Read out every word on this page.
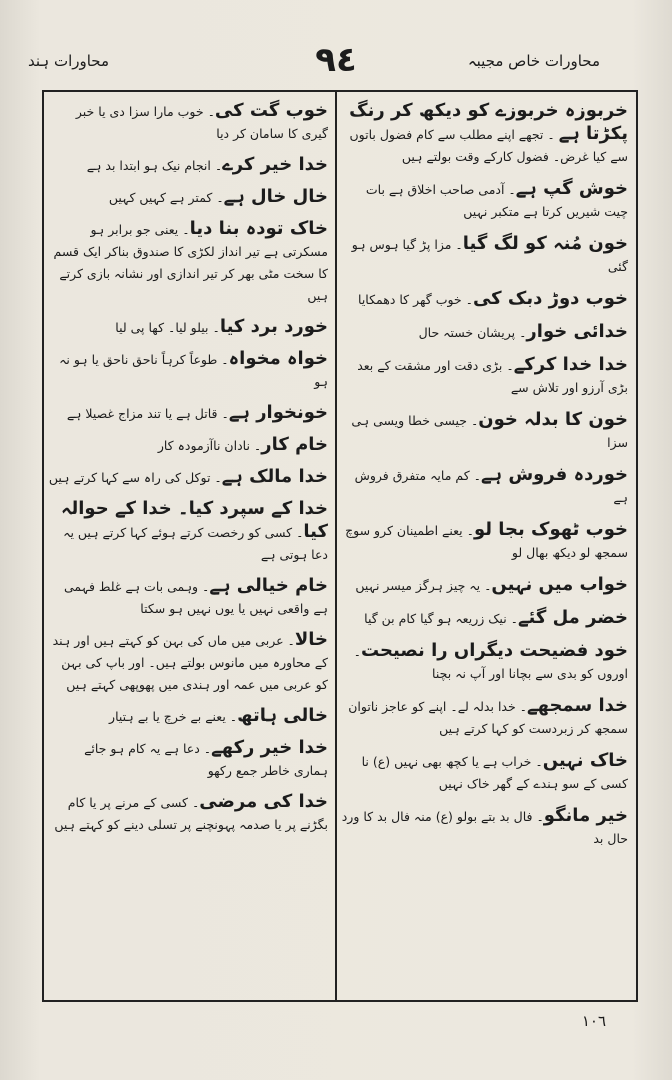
محاورات خاص مجیبہ
٩٤
محاورات ہند

خربوزہ خربوزے کو دیکھ کر رنگ پکڑتا ہے ۔ تجھے اپنے مطلب سے کام فضول باتوں سے کیا غرض۔ فضول کارکے وقت بولتے ہیں

خوش گپ ہے۔ آدمی صاحب اخلاق ہے بات چیت شیریں کرتا ہے متکبر نہیں

خون مُنہ کو لگ گیا۔ مزا پڑ گیا ہوس ہو گئی

خوب دوڑ دبک کی۔ خوب گھر کا دھمکایا

خدائی خوار۔ پریشان خستہ حال

خدا خدا کرکے۔ بڑی دقت اور مشقت کے بعد بڑی آرزو اور تلاش سے

خون کا بدلہ خون۔ جیسی خطا ویسی ہی سزا

خوردہ فروش ہے۔ کم مایہ متفرق فروش ہے

خوب ٹھوک بجا لو۔ یعنے اطمینان کرو سوچ سمجھ لو دیکھ بھال لو

خواب میں نہیں۔ یہ چیز ہرگز میسر نہیں

خضر مل گئے۔ نیک زریعہ ہو گیا کام بن گیا

خود فضیحت دیگراں را نصیحت۔ اوروں کو بدی سے بچانا اور آپ نہ بچنا

خدا سمجھے۔ خدا بدلہ لے۔ اپنے کو عاجز ناتوان سمجھ کر زبردست کو کہا کرتے ہیں

خاک نہیں۔ خراب ہے یا کچھ بھی نہیں (ع) نا کسی کے سو ہندے کے گھر خاک نہیں

خیر مانگو۔ فال بد بتے بولو (ع) منہ فال بد کا ورد حال بد

خوب گت کی۔ خوب مارا سزا دی یا خبر گیری کا سامان کر دیا

خدا خیر کرے۔ انجام نیک ہو ابتدا بد ہے

خال خال ہے۔ کمتر ہے کہیں کہیں

خاک تودہ بنا دیا۔ یعنی جو برابر ہو مسکرتی ہے تیر انداز لکڑی کا صندوق بناکر ایک قسم کا سخت مٹی بھر کر تیر اندازی اور نشانہ بازی کرتے ہیں

خورد برد کیا۔ بیلو لیا۔ کھا پی لیا

خواہ مخواہ۔ طوعاً کرہاً ناحق ناحق یا ہو نہ ہو

خونخوار ہے۔ قاتل ہے یا تند مزاج غصیلا ہے

خام کار۔ نادان ناآزمودہ کار

خدا مالک ہے۔ توکل کی راہ سے کہا کرتے ہیں

خدا کے سپرد کیا۔ خدا کے حوالہ کیا۔ کسی کو رخصت کرتے ہوئے کہا کرتے ہیں یہ دعا ہوتی ہے

خام خیالی ہے۔ وہمی بات ہے غلط فہمی ہے واقعی نہیں یا یوں نہیں ہو سکتا

خالا۔ عربی میں ماں کی بہن کو کہتے ہیں اور ہند کے محاورہ میں مانوس بولتے ہیں۔ اور باپ کی بہن کو عربی میں عمہ اور ہندی میں پھوپھی کہتے ہیں

خالی ہاتھ۔ یعنے بے خرچ یا بے ہتیار

خدا خیر رکھے۔ دعا ہے یہ کام ہو جائے ہماری خاطر جمع رکھو

خدا کی مرضی۔ کسی کے مرنے پر یا کام بگڑنے پر یا صدمہ پہونچنے پر تسلی دینے کو کہتے ہیں

١٠٦
